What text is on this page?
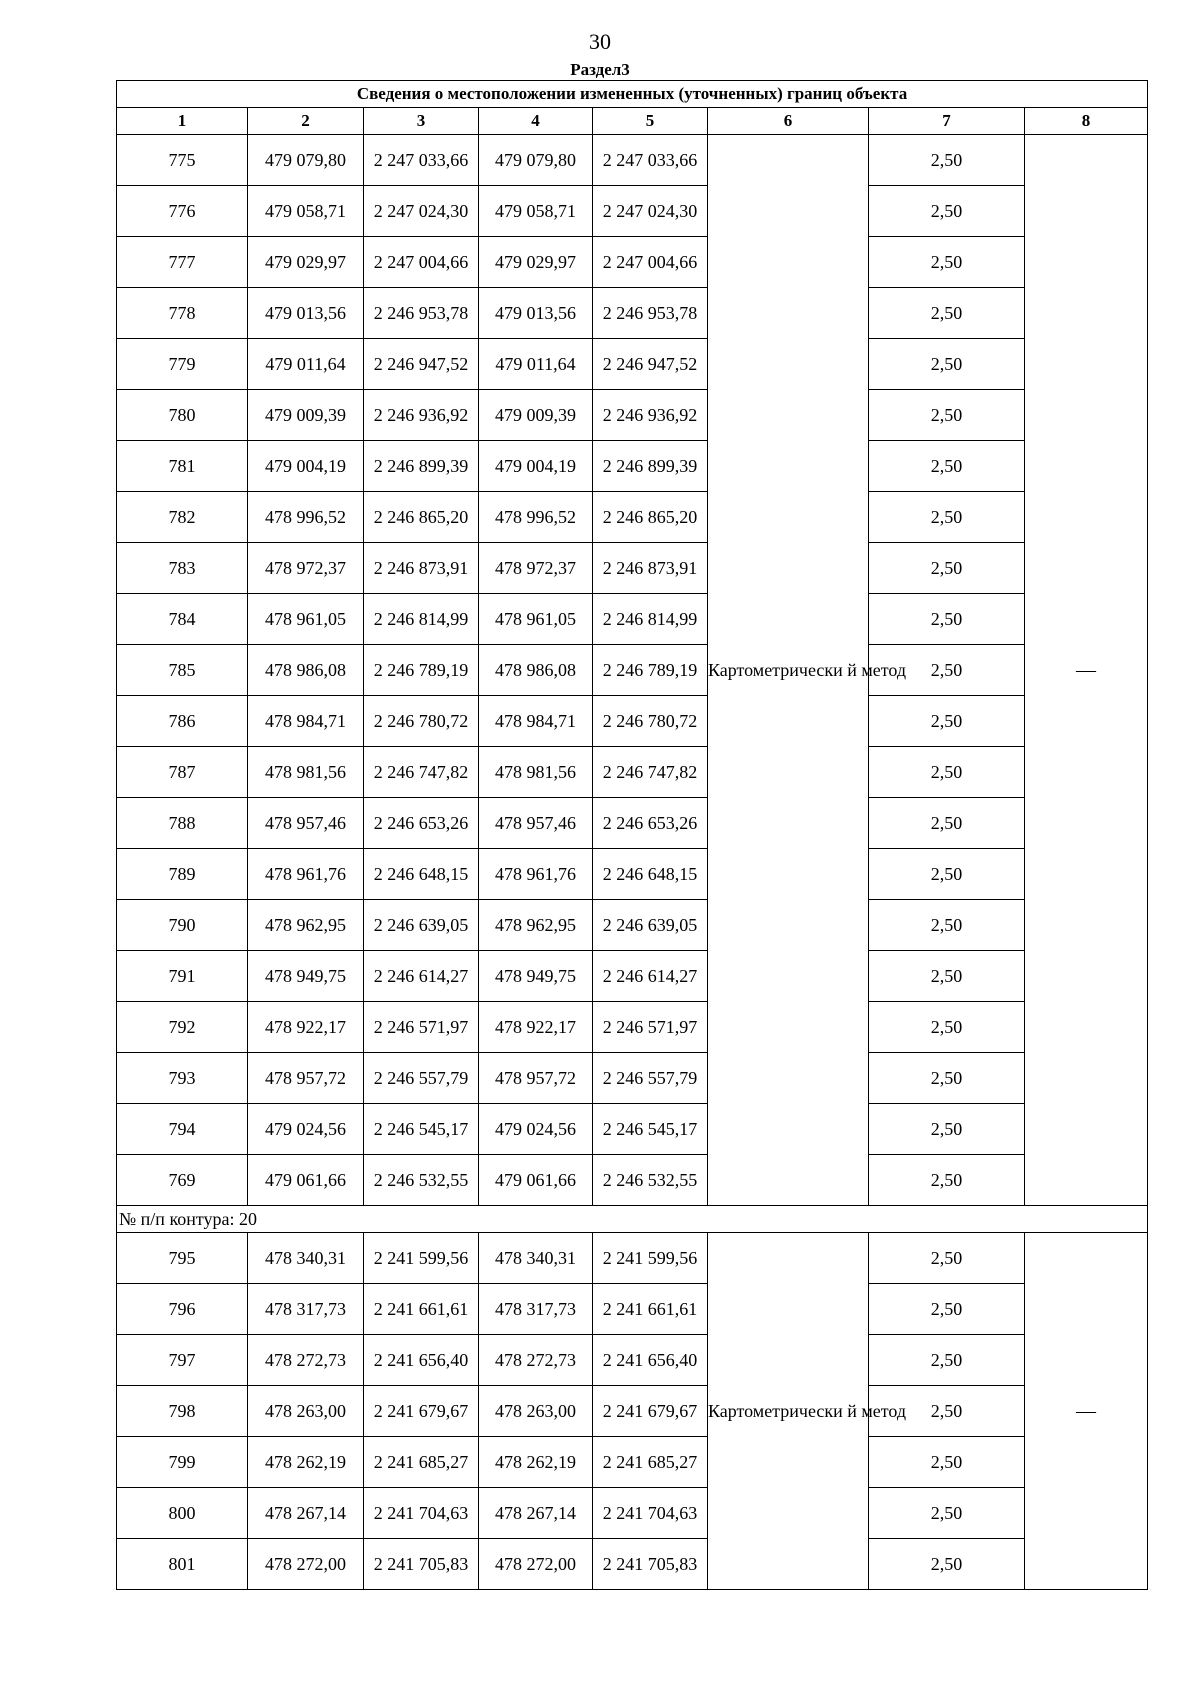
30
Раздел3
Сведения о местоположении измененных (уточненных) границ объекта							
1	2	3	4	5	6	7	8
775	479 079,80	2 247 033,66	479 079,80	2 247 033,66	Картометрически й метод	2,50	—
776	479 058,71	2 247 024,30	479 058,71	2 247 024,30		2,50	
777	479 029,97	2 247 004,66	479 029,97	2 247 004,66		2,50	
778	479 013,56	2 246 953,78	479 013,56	2 246 953,78		2,50	
779	479 011,64	2 246 947,52	479 011,64	2 246 947,52		2,50	
780	479 009,39	2 246 936,92	479 009,39	2 246 936,92		2,50	
781	479 004,19	2 246 899,39	479 004,19	2 246 899,39		2,50	
782	478 996,52	2 246 865,20	478 996,52	2 246 865,20		2,50	
783	478 972,37	2 246 873,91	478 972,37	2 246 873,91		2,50	
784	478 961,05	2 246 814,99	478 961,05	2 246 814,99		2,50	
785	478 986,08	2 246 789,19	478 986,08	2 246 789,19		2,50	
786	478 984,71	2 246 780,72	478 984,71	2 246 780,72		2,50	
787	478 981,56	2 246 747,82	478 981,56	2 246 747,82		2,50	
788	478 957,46	2 246 653,26	478 957,46	2 246 653,26		2,50	
789	478 961,76	2 246 648,15	478 961,76	2 246 648,15		2,50	
790	478 962,95	2 246 639,05	478 962,95	2 246 639,05		2,50	
791	478 949,75	2 246 614,27	478 949,75	2 246 614,27		2,50	
792	478 922,17	2 246 571,97	478 922,17	2 246 571,97		2,50	
793	478 957,72	2 246 557,79	478 957,72	2 246 557,79		2,50	
794	479 024,56	2 246 545,17	479 024,56	2 246 545,17		2,50	
769	479 061,66	2 246 532,55	479 061,66	2 246 532,55		2,50	
№ п/п контура: 20							
795	478 340,31	2 241 599,56	478 340,31	2 241 599,56	Картометрически й метод	2,50	—
796	478 317,73	2 241 661,61	478 317,73	2 241 661,61		2,50	
797	478 272,73	2 241 656,40	478 272,73	2 241 656,40		2,50	
798	478 263,00	2 241 679,67	478 263,00	2 241 679,67		2,50	
799	478 262,19	2 241 685,27	478 262,19	2 241 685,27		2,50	
800	478 267,14	2 241 704,63	478 267,14	2 241 704,63		2,50	
801	478 272,00	2 241 705,83	478 272,00	2 241 705,83		2,50	
